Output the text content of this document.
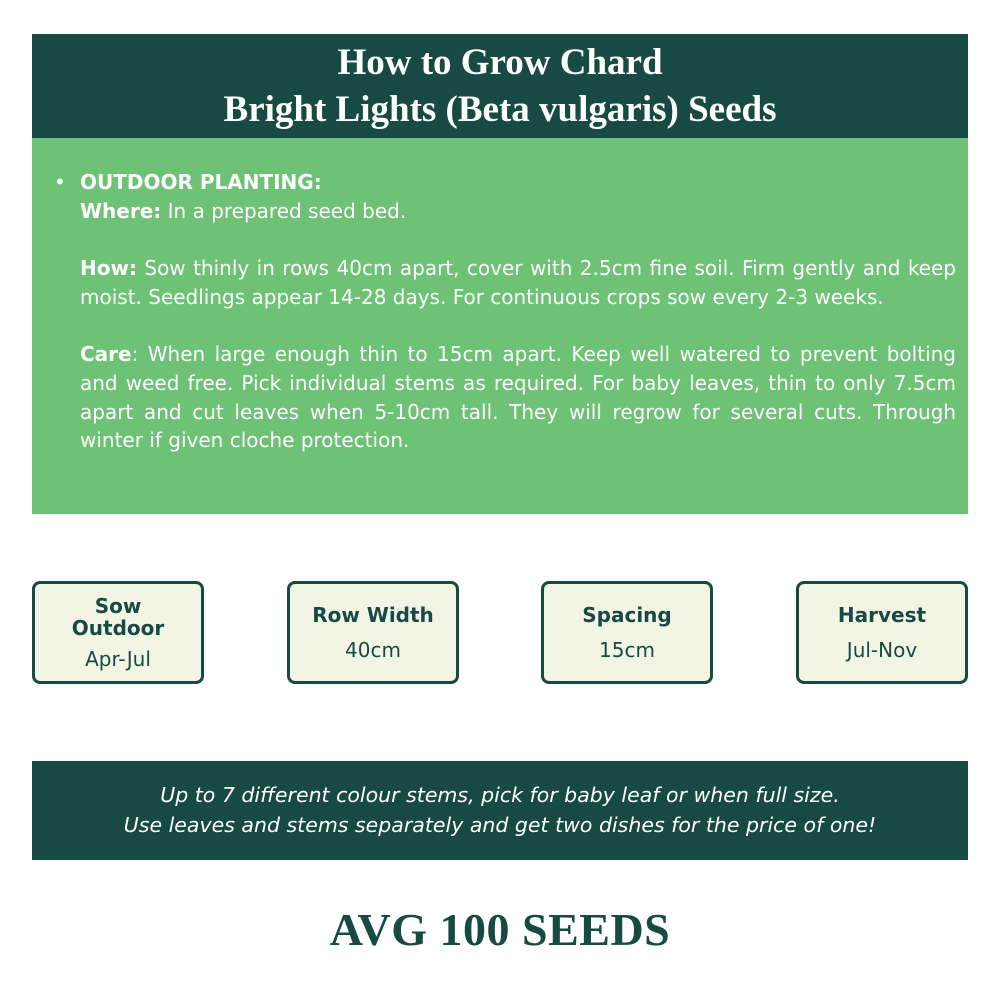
How to Grow Chard
Bright Lights (Beta vulgaris) Seeds
• OUTDOOR PLANTING:

Where: In a prepared seed bed.

How: Sow thinly in rows 40cm apart, cover with 2.5cm fine soil. Firm gently and keep moist. Seedlings appear 14-28 days. For continuous crops sow every 2-3 weeks.

Care: When large enough thin to 15cm apart. Keep well watered to prevent bolting and weed free. Pick individual stems as required. For baby leaves, thin to only 7.5cm apart and cut leaves when 5-10cm tall. They will regrow for several cuts. Through winter if given cloche protection.

Sow Outdoor
Apr-Jul
Row Width
40cm
Spacing
15cm
Harvest
Jul-Nov
Up to 7 different colour stems, pick for baby leaf or when full size.
Use leaves and stems separately and get two dishes for the price of one!
AVG 100 SEEDS
